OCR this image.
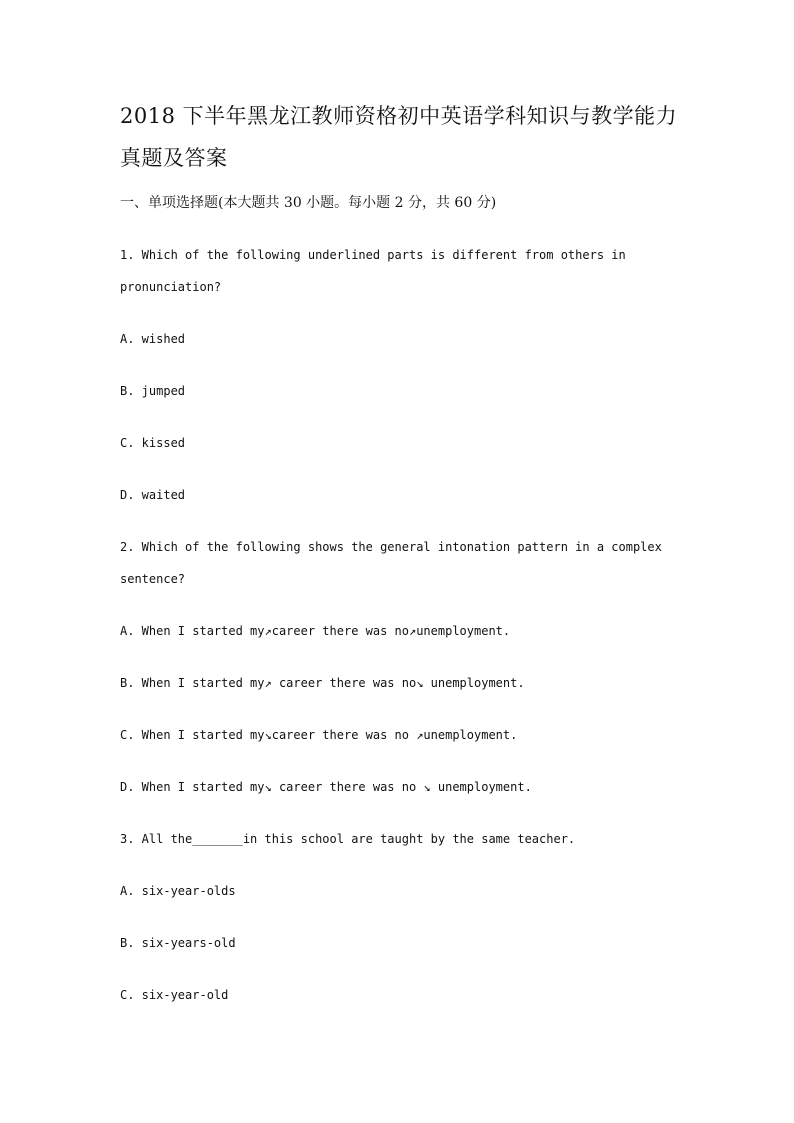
2018 下半年黑龙江教师资格初中英语学科知识与教学能力
真题及答案
一、单项选择题(本大题共 30 小题。每小题 2 分，共 60 分)
1. Which of the following underlined parts is different from others in
pronunciation?
A. wished
B. jumped
C. kissed
D. waited
2. Which of the following shows the general intonation pattern in a complex
sentence?
A. When I started my↗career there was no↗unemployment.
B. When I started my↗ career there was no↘ unemployment.
C. When I started my↘career there was no ↗unemployment.
D. When I started my↘ career there was no ↘ unemployment.
3. All the_______in this school are taught by the same teacher.
A. six-year-olds
B. six-years-old
C. six-year-old
